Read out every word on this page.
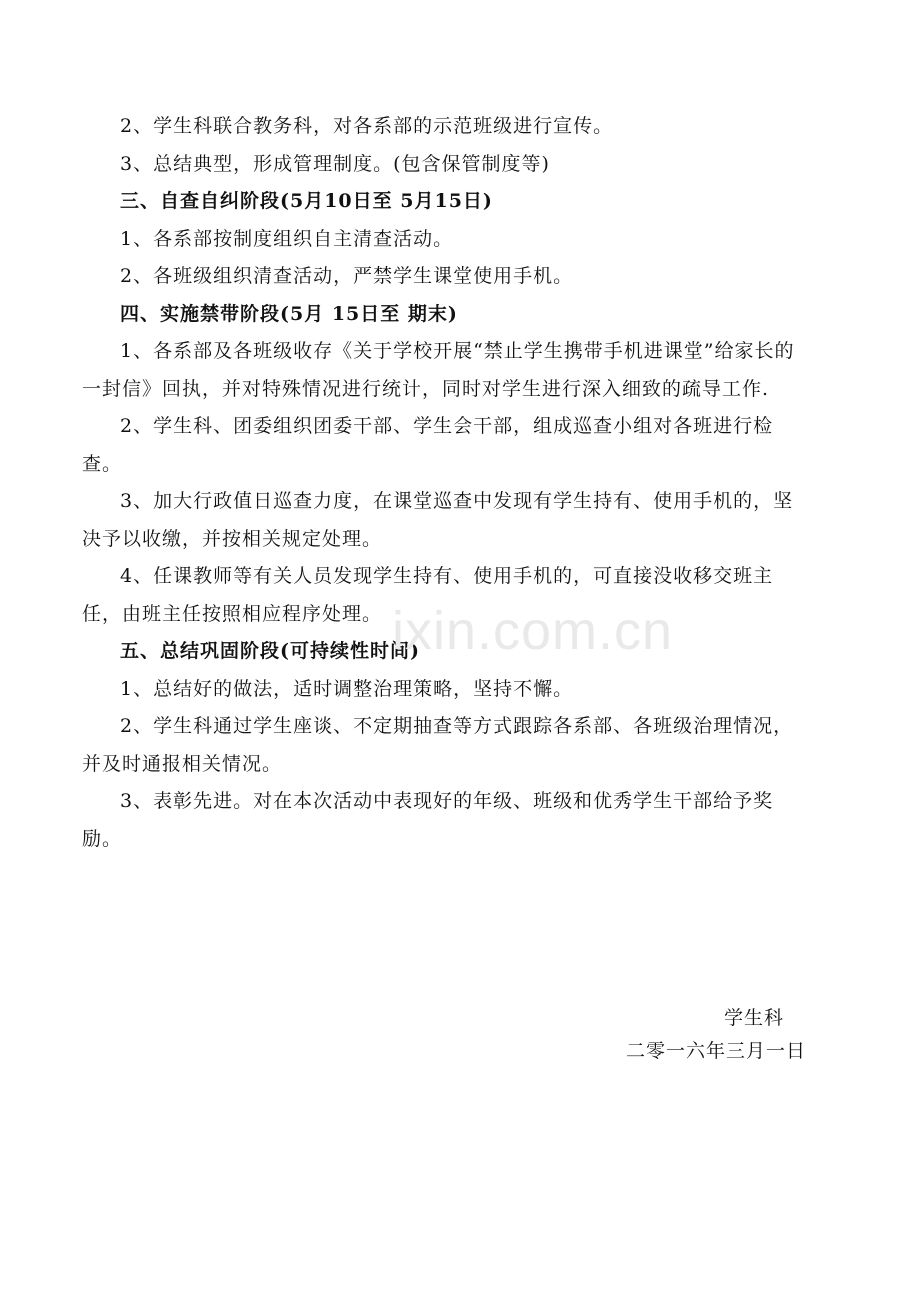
2、学生科联合教务科，对各系部的示范班级进行宣传。

3、总结典型，形成管理制度。(包含保管制度等)

三、自查自纠阶段(5月10日至 5月15日)

1、各系部按制度组织自主清查活动。

2、各班级组织清查活动，严禁学生课堂使用手机。

四、实施禁带阶段(5月 15日至 期末)

1、各系部及各班级收存《关于学校开展“禁止学生携带手机进课堂”给家长的一封信》回执，并对特殊情况进行统计，同时对学生进行深入细致的疏导工作.

2、学生科、团委组织团委干部、学生会干部，组成巡查小组对各班进行检查。

3、加大行政值日巡查力度，在课堂巡查中发现有学生持有、使用手机的，坚决予以收缴，并按相关规定处理。

4、任课教师等有关人员发现学生持有、使用手机的，可直接没收移交班主任，由班主任按照相应程序处理。

五、总结巩固阶段(可持续性时间)

1、总结好的做法，适时调整治理策略，坚持不懈。

2、学生科通过学生座谈、不定期抽查等方式跟踪各系部、各班级治理情况，并及时通报相关情况。

3、表彰先进。对在本次活动中表现好的年级、班级和优秀学生干部给予奖励。

学生科
二零一六年三月一日
ixin.com.cn
